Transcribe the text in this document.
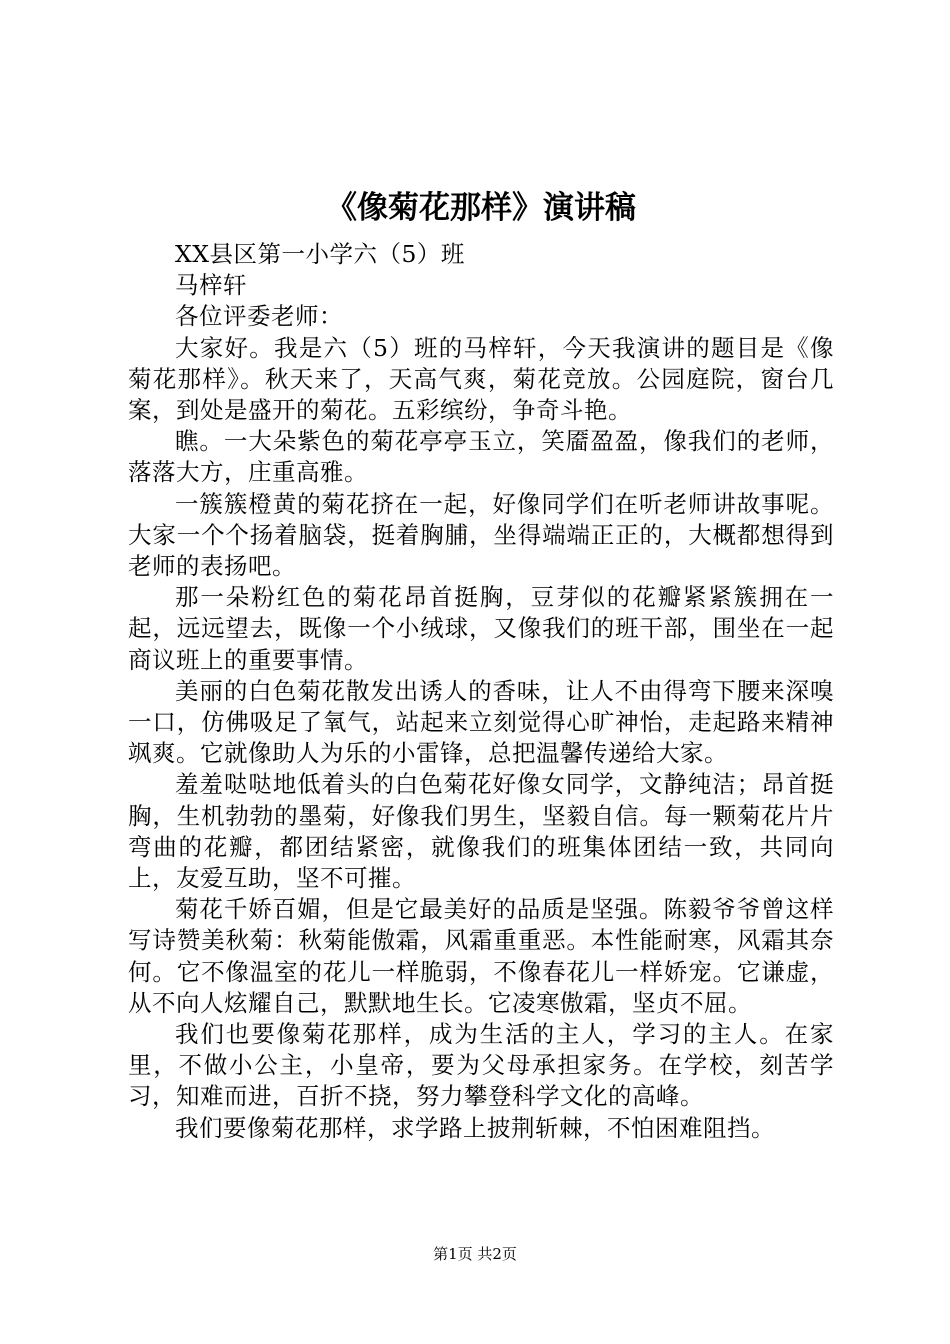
《像菊花那样》演讲稿

XX县区第一小学六（5）班

马梓轩

各位评委老师：

大家好。我是六（5）班的马梓轩，今天我演讲的题目是《像菊花那样》。秋天来了，天高气爽，菊花竞放。公园庭院，窗台几案，到处是盛开的菊花。五彩缤纷，争奇斗艳。

瞧。一大朵紫色的菊花亭亭玉立，笑靥盈盈，像我们的老师，落落大方，庄重高雅。

一簇簇橙黄的菊花挤在一起，好像同学们在听老师讲故事呢。大家一个个扬着脑袋，挺着胸脯，坐得端端正正的，大概都想得到老师的表扬吧。

那一朵粉红色的菊花昂首挺胸，豆芽似的花瓣紧紧簇拥在一起，远远望去，既像一个小绒球，又像我们的班干部，围坐在一起商议班上的重要事情。

美丽的白色菊花散发出诱人的香味，让人不由得弯下腰来深嗅一口，仿佛吸足了氧气，站起来立刻觉得心旷神怡，走起路来精神飒爽。它就像助人为乐的小雷锋，总把温馨传递给大家。

羞羞哒哒地低着头的白色菊花好像女同学，文静纯洁；昂首挺胸，生机勃勃的墨菊，好像我们男生，坚毅自信。每一颗菊花片片弯曲的花瓣，都团结紧密，就像我们的班集体团结一致，共同向上，友爱互助，坚不可摧。

菊花千娇百媚，但是它最美好的品质是坚强。陈毅爷爷曾这样写诗赞美秋菊：秋菊能傲霜，风霜重重恶。本性能耐寒，风霜其奈何。它不像温室的花儿一样脆弱，不像春花儿一样娇宠。它谦虚，从不向人炫耀自己，默默地生长。它凌寒傲霜，坚贞不屈。

我们也要像菊花那样，成为生活的主人，学习的主人。在家里，不做小公主，小皇帝，要为父母承担家务。在学校，刻苦学习，知难而进，百折不挠，努力攀登科学文化的高峰。

我们要像菊花那样，求学路上披荆斩棘，不怕困难阻挡。

第1页 共2页
